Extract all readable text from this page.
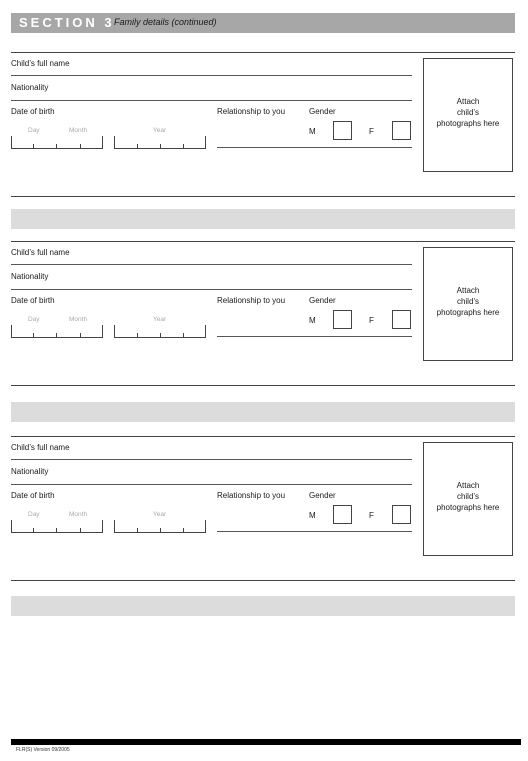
SECTION 3 Family details (continued)
Child’s full name
Nationality
Date of birth
Day	Month	Year
Relationship to you	Gender
M	F
Attach
child’s
photographs here
Child’s full name
Nationality
Date of birth
Day	Month	Year
Relationship to you	Gender
M	F
Attach
child’s
photographs here
Child’s full name
Nationality
Date of birth
Day	Month	Year
Relationship to you	Gender
M	F
Attach
child’s
photographs here
FLR(S) Version 09/2005
